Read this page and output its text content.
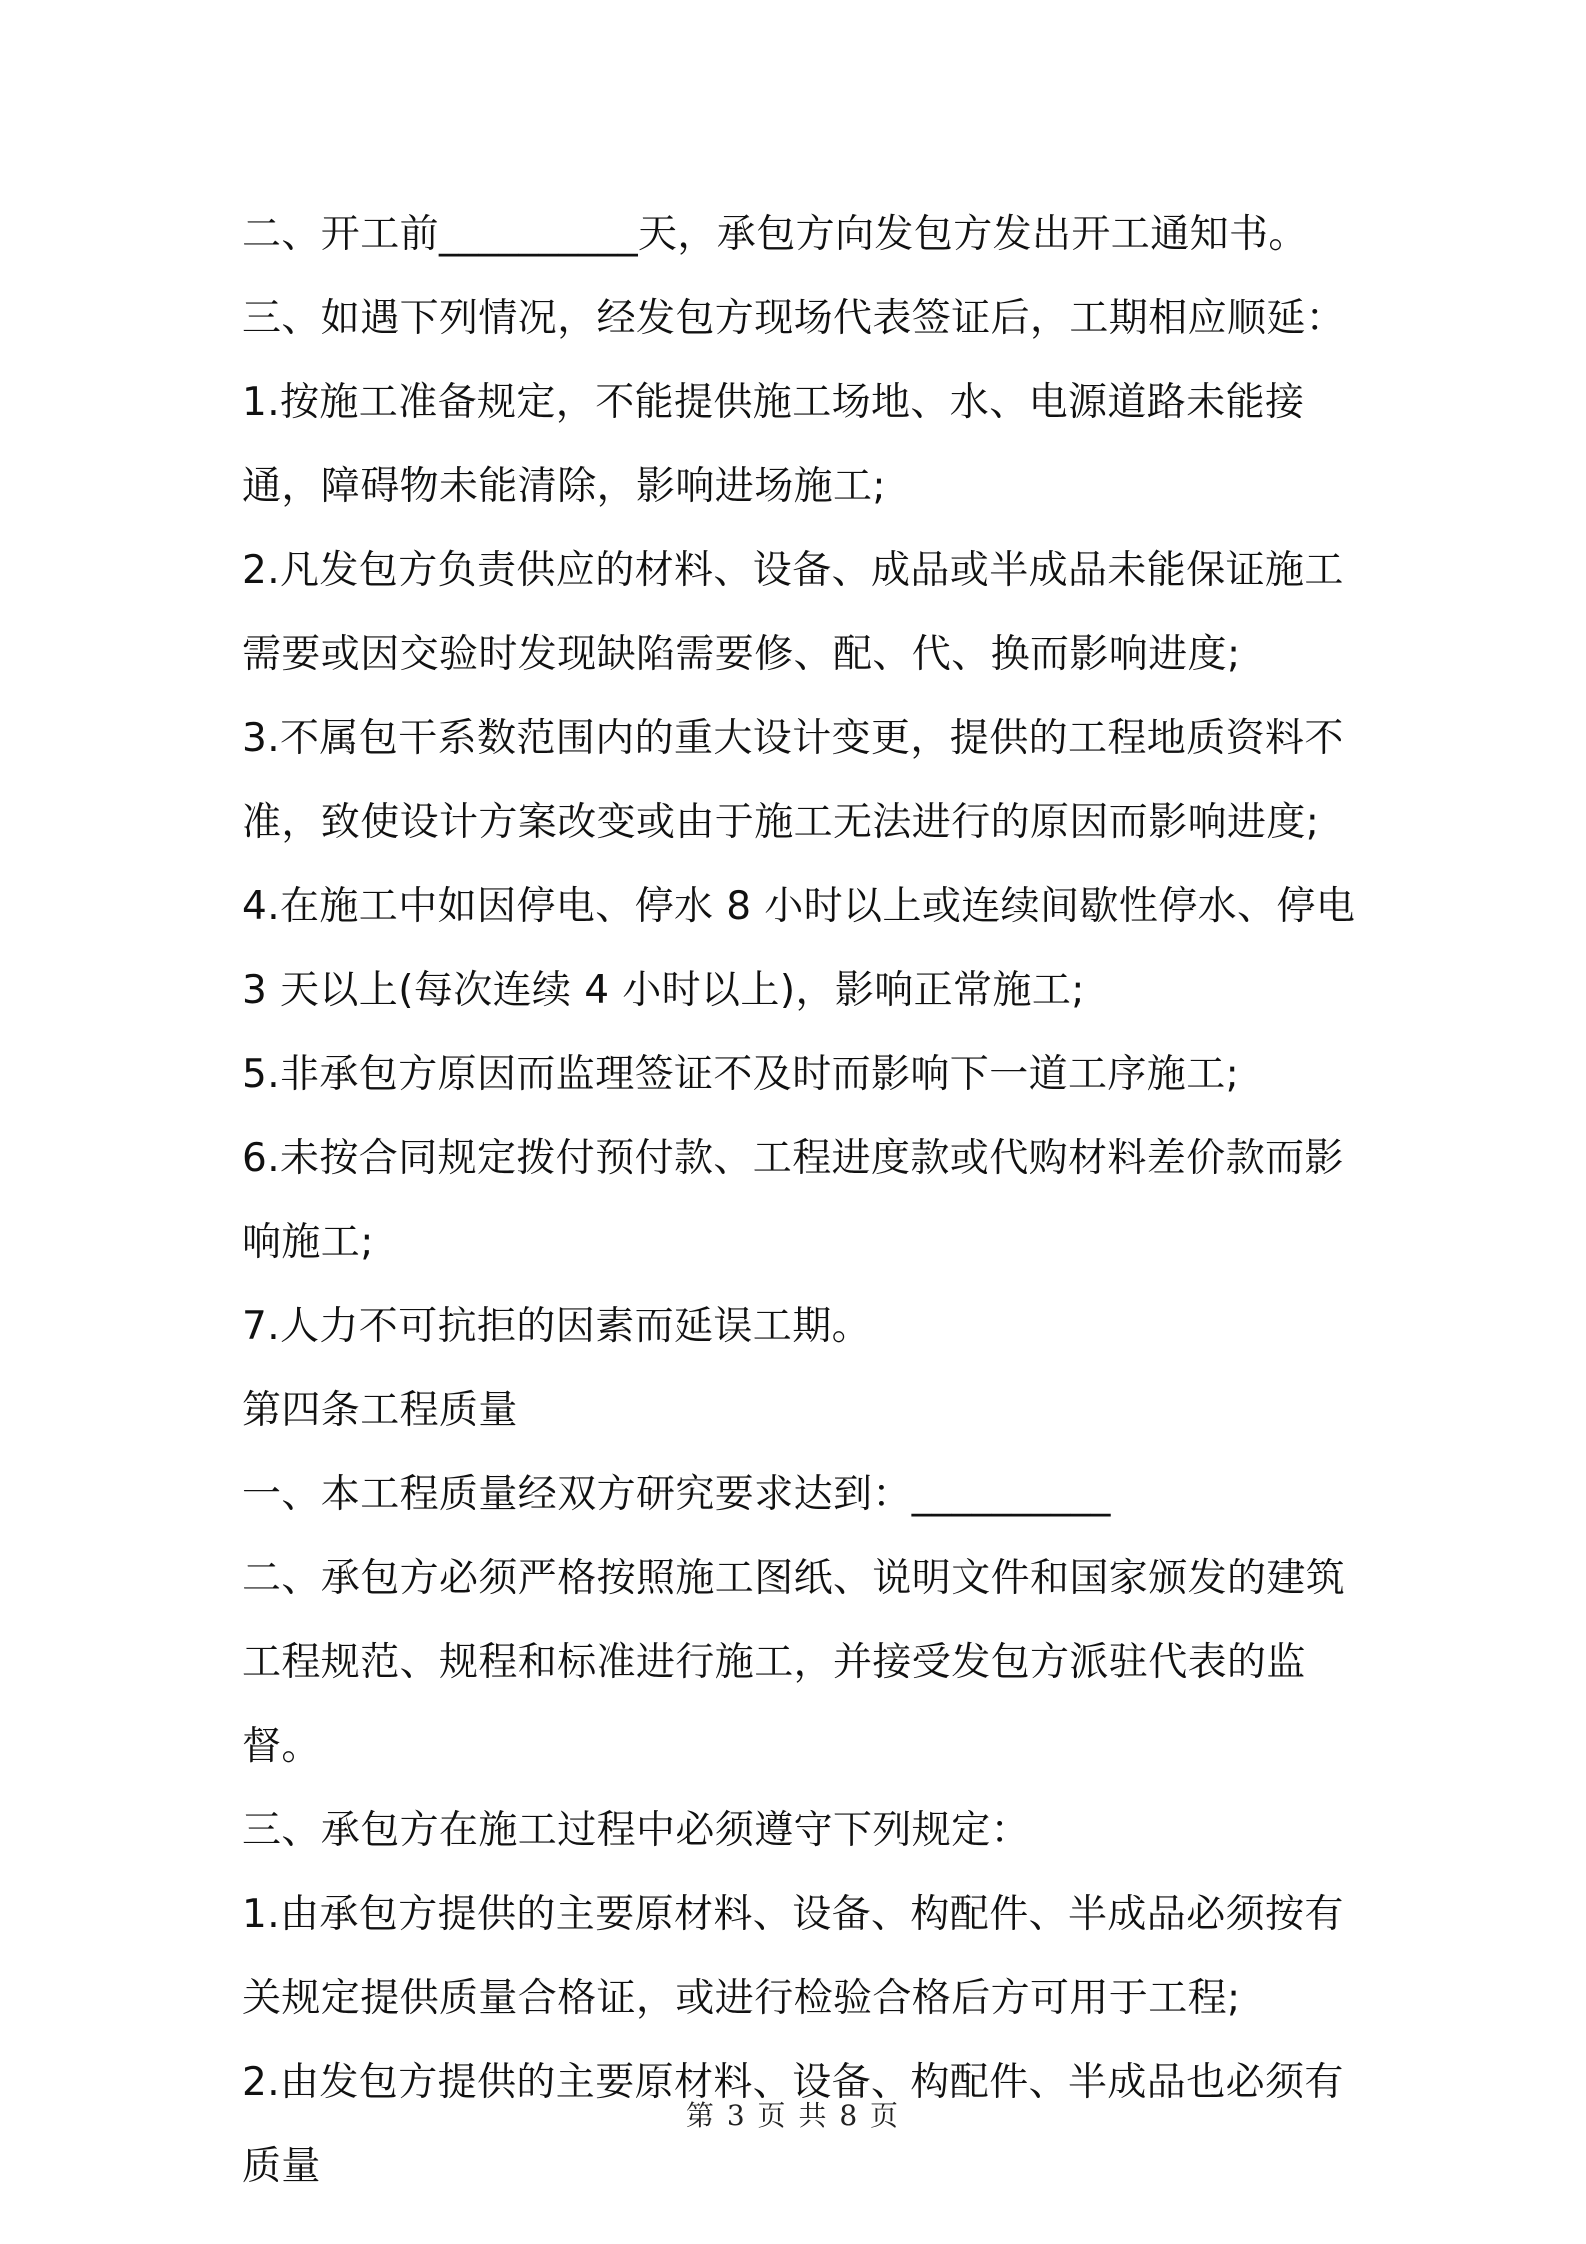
二、开工前__________天，承包方向发包方发出开工通知书。

三、如遇下列情况，经发包方现场代表签证后，工期相应顺延：

1.按施工准备规定，不能提供施工场地、水、电源道路未能接通，障碍物未能清除，影响进场施工;

2.凡发包方负责供应的材料、设备、成品或半成品未能保证施工需要或因交验时发现缺陷需要修、配、代、换而影响进度;

3.不属包干系数范围内的重大设计变更，提供的工程地质资料不准，致使设计方案改变或由于施工无法进行的原因而影响进度;

4.在施工中如因停电、停水 8 小时以上或连续间歇性停水、停电 3 天以上(每次连续 4 小时以上)，影响正常施工;

5.非承包方原因而监理签证不及时而影响下一道工序施工;

6.未按合同规定拨付预付款、工程进度款或代购材料差价款而影响施工;

7.人力不可抗拒的因素而延误工期。

第四条工程质量

一、本工程质量经双方研究要求达到：__________

二、承包方必须严格按照施工图纸、说明文件和国家颁发的建筑工程规范、规程和标准进行施工，并接受发包方派驻代表的监督。

三、承包方在施工过程中必须遵守下列规定：

1.由承包方提供的主要原材料、设备、构配件、半成品必须按有关规定提供质量合格证，或进行检验合格后方可用于工程;

2.由发包方提供的主要原材料、设备、构配件、半成品也必须有质量

第 3 页 共 8 页
